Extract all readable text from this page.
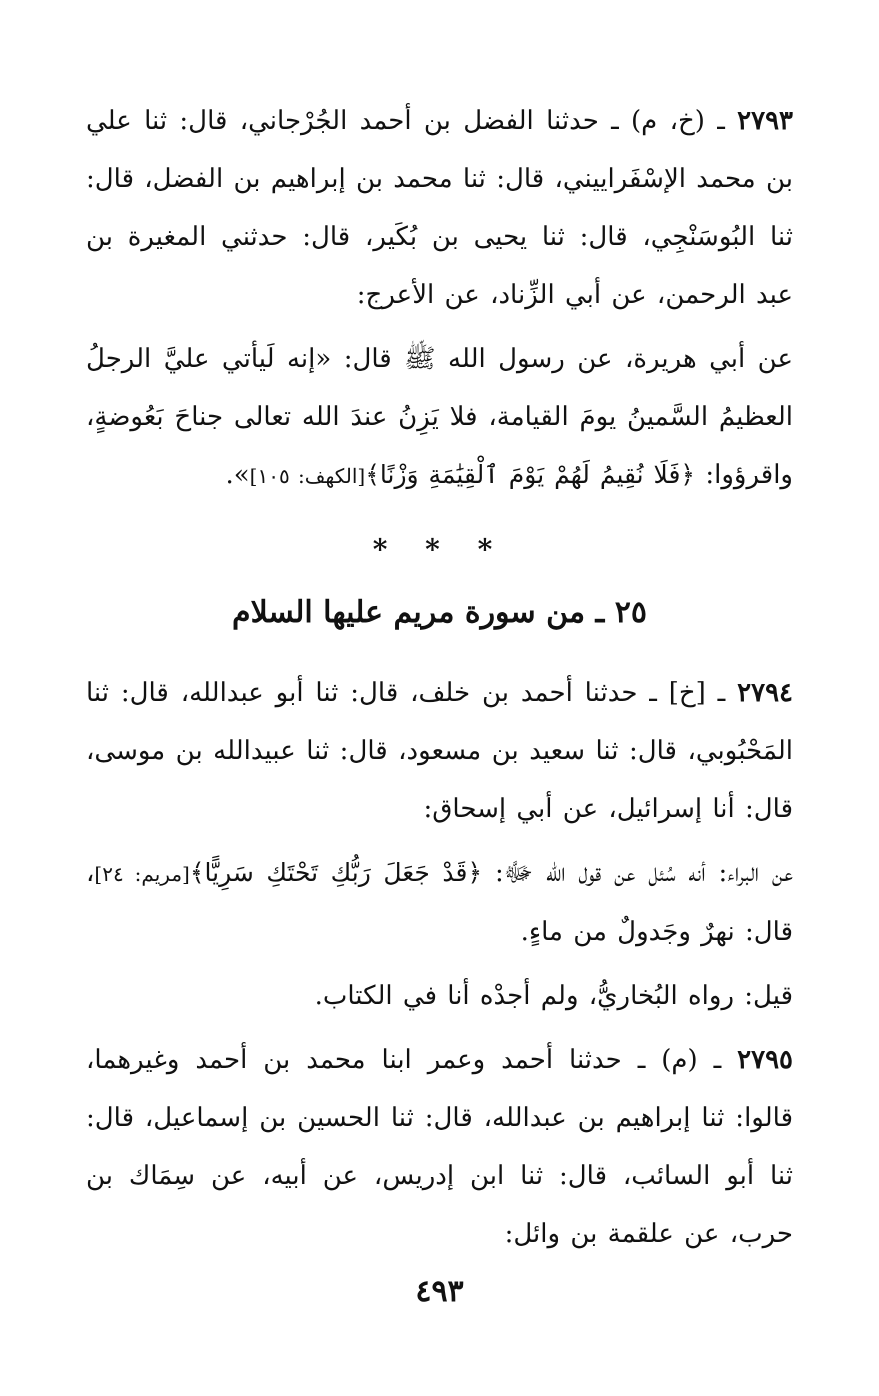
٢٧٩٣ ـ (خ، م) ـ حدثنا الفضل بن أحمد الجُرْجاني، قال: ثنا علي بن محمد الإسْفَراييني، قال: ثنا محمد بن إبراهيم بن الفضل، قال: ثنا البُوسَنْجِي، قال: ثنا يحيى بن بُكَير، قال: حدثني المغيرة بن عبد الرحمن، عن أبي الزِّناد، عن الأعرج:

عن أبي هريرة، عن رسول الله ﷺ قال: «إنه لَيأتي عليَّ الرجلُ العظيمُ السَّمينُ يومَ القيامة، فلا يَزِنُ عندَ الله تعالى جناحَ بَعُوضةٍ، واقرؤوا: ﴿فَلَا نُقِيمُ لَهُمْ يَوْمَ ٱلْقِيَٰمَةِ وَزْنًا﴾[الكهف: ١٠٥]».

* * *
٢٥ ـ من سورة مريم عليها السلام

٢٧٩٤ ـ [خ] ـ حدثنا أحمد بن خلف، قال: ثنا أبو عبدالله، قال: ثنا المَحْبُوبي، قال: ثنا سعيد بن مسعود، قال: ثنا عبيدالله بن موسى، قال: أنا إسرائيل، عن أبي إسحاق:

عن البراء: أنه سُئل عن قول الله ﷻ: ﴿قَدْ جَعَلَ رَبُّكِ تَحْتَكِ سَرِيًّا﴾[مريم: ٢٤]، قال: نهرٌ وجَدولٌ من ماءٍ.

قيل: رواه البُخاريُّ، ولم أجدْه أنا في الكتاب.

٢٧٩٥ ـ (م) ـ حدثنا أحمد وعمر ابنا محمد بن أحمد وغيرهما، قالوا: ثنا إبراهيم بن عبدالله، قال: ثنا الحسين بن إسماعيل، قال: ثنا أبو السائب، قال: ثنا ابن إدريس، عن أبيه، عن سِمَاك بن حرب، عن علقمة بن وائل:

٤٩٣
